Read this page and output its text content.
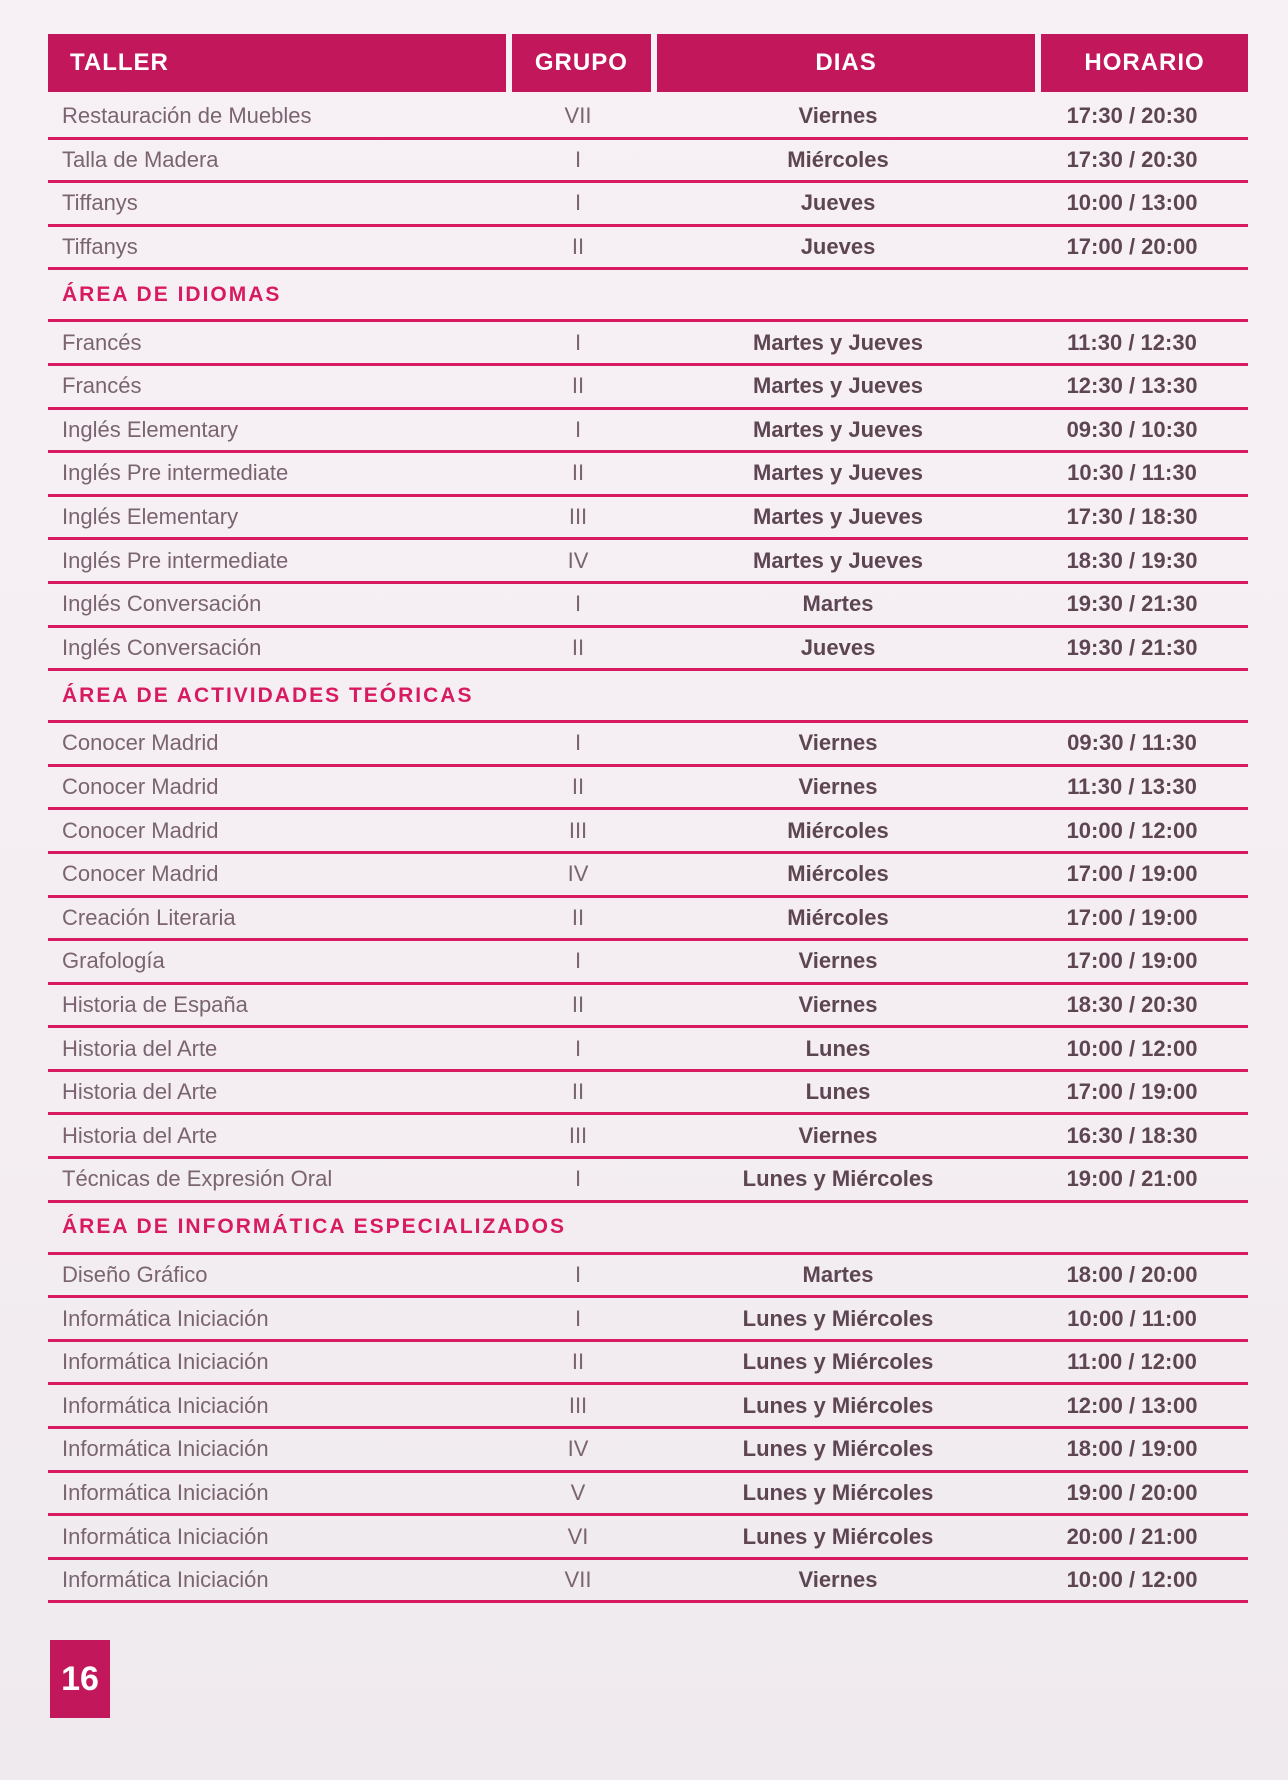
TALLER	GRUPO	DIAS	HORARIO
Restauración de Muebles	VII	Viernes	17:30 / 20:30
Talla de Madera	I	Miércoles	17:30 / 20:30
Tiffanys	I	Jueves	10:00 / 13:00
Tiffanys	II	Jueves	17:00 / 20:00
ÁREA DE IDIOMAS
Francés	I	Martes y Jueves	11:30 / 12:30
Francés	II	Martes y Jueves	12:30 / 13:30
Inglés Elementary	I	Martes y Jueves	09:30 / 10:30
Inglés Pre intermediate	II	Martes y Jueves	10:30 / 11:30
Inglés Elementary	III	Martes y Jueves	17:30 / 18:30
Inglés Pre intermediate	IV	Martes y Jueves	18:30 / 19:30
Inglés Conversación	I	Martes	19:30 / 21:30
Inglés Conversación	II	Jueves	19:30 / 21:30
ÁREA DE ACTIVIDADES TEÓRICAS
Conocer Madrid	I	Viernes	09:30 / 11:30
Conocer Madrid	II	Viernes	11:30 / 13:30
Conocer Madrid	III	Miércoles	10:00 / 12:00
Conocer Madrid	IV	Miércoles	17:00 / 19:00
Creación Literaria	II	Miércoles	17:00 / 19:00
Grafología	I	Viernes	17:00 / 19:00
Historia de España	II	Viernes	18:30 / 20:30
Historia del Arte	I	Lunes	10:00 / 12:00
Historia del Arte	II	Lunes	17:00 / 19:00
Historia del Arte	III	Viernes	16:30 / 18:30
Técnicas de Expresión Oral	I	Lunes y Miércoles	19:00 / 21:00
ÁREA DE INFORMÁTICA ESPECIALIZADOS
Diseño Gráfico	I	Martes	18:00 / 20:00
Informática Iniciación	I	Lunes y Miércoles	10:00 / 11:00
Informática Iniciación	II	Lunes y Miércoles	11:00 / 12:00
Informática Iniciación	III	Lunes y Miércoles	12:00 / 13:00
Informática Iniciación	IV	Lunes y Miércoles	18:00 / 19:00
Informática Iniciación	V	Lunes y Miércoles	19:00 / 20:00
Informática Iniciación	VI	Lunes y Miércoles	20:00 / 21:00
Informática Iniciación	VII	Viernes	10:00 / 12:00
16
